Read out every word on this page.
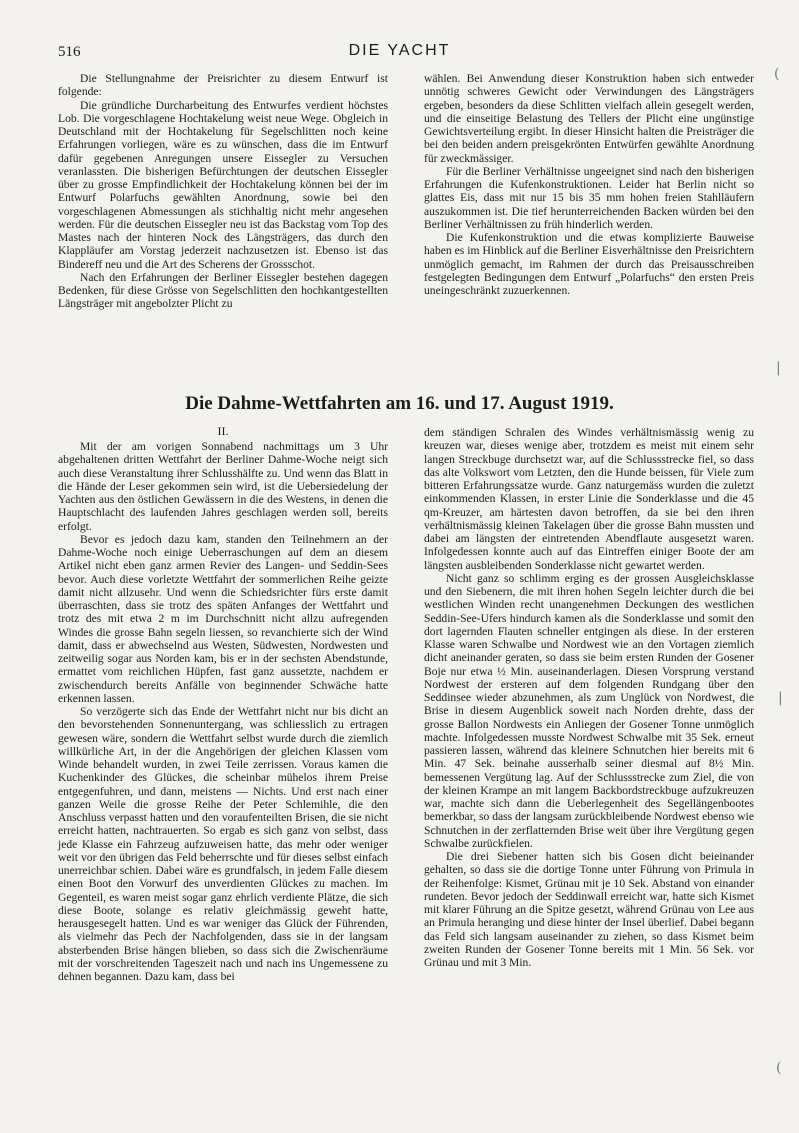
516	DIE YACHT

Die Stellungnahme der Preisrichter zu diesem Entwurf ist folgende:

Die gründliche Durcharbeitung des Entwurfes verdient höchstes Lob. Die vorgeschlagene Hochtakelung weist neue Wege. Obgleich in Deutschland mit der Hochtakelung für Segelschlitten noch keine Erfahrungen vorliegen, wäre es zu wünschen, dass die im Entwurf dafür gegebenen Anregungen unsere Eissegler zu Versuchen veranlassten. Die bisherigen Befürchtungen der deutschen Eissegler über zu grosse Empfindlichkeit der Hochtakelung können bei der im Entwurf Polarfuchs gewählten Anordnung, sowie bei den vorgeschlagenen Abmessungen als stichhaltig nicht mehr angesehen werden. Für die deutschen Eissegler neu ist das Backstag vom Top des Mastes nach der hinteren Nock des Längsträgers, das durch den Klappläufer am Vorstag jederzeit nachzusetzen ist. Ebenso ist das Bindereff neu und die Art des Scherens der Grossschot.

Nach den Erfahrungen der Berliner Eissegler bestehen dagegen Bedenken, für diese Grösse von Segelschlitten den hochkantgestellten Längsträger mit angebolzter Plicht zu

wählen. Bei Anwendung dieser Konstruktion haben sich entweder unnötig schweres Gewicht oder Verwindungen des Längsträgers ergeben, besonders da diese Schlitten vielfach allein gesegelt werden, und die einseitige Belastung des Tellers der Plicht eine ungünstige Gewichtsverteilung ergibt. In dieser Hinsicht halten die Preisträger die bei den beiden andern preisgekrönten Entwürfen gewählte Anordnung für zweckmässiger.

Für die Berliner Verhältnisse ungeeignet sind nach den bisherigen Erfahrungen die Kufenkonstruktionen. Leider hat Berlin nicht so glattes Eis, dass mit nur 15 bis 35 mm hohen freien Stahlläufern auszukommen ist. Die tief herunterreichenden Backen würden bei den Berliner Verhältnissen zu früh hinderlich werden.

Die Kufenkonstruktion und die etwas komplizierte Bauweise haben es im Hinblick auf die Berliner Eisverhältnisse den Preisrichtern unmöglich gemacht, im Rahmen der durch das Preisausschreiben festgelegten Bedingungen dem Entwurf „Polarfuchs“ den ersten Preis uneingeschränkt zuzuerkennen.

Die Dahme-Wettfahrten am 16. und 17. August 1919.
II.

Mit der am vorigen Sonnabend nachmittags um 3 Uhr abgehaltenen dritten Wettfahrt der Berliner Dahme-Woche neigt sich auch diese Veranstaltung ihrer Schlusshälfte zu. Und wenn das Blatt in die Hände der Leser gekommen sein wird, ist die Uebersiedelung der Yachten aus den östlichen Gewässern in die des Westens, in denen die Hauptschlacht des laufenden Jahres geschlagen werden soll, bereits erfolgt.

Bevor es jedoch dazu kam, standen den Teilnehmern an der Dahme-Woche noch einige Ueberraschungen auf dem an diesem Artikel nicht eben ganz armen Revier des Langen- und Seddin-Sees bevor. Auch diese vorletzte Wettfahrt der sommerlichen Reihe geizte damit nicht allzusehr. Und wenn die Schiedsrichter fürs erste damit überraschten, dass sie trotz des späten Anfanges der Wettfahrt und trotz des mit etwa 2 m im Durchschnitt nicht allzu aufregenden Windes die grosse Bahn segeln liessen, so revanchierte sich der Wind damit, dass er abwechselnd aus Westen, Südwesten, Nordwesten und zeitweilig sogar aus Norden kam, bis er in der sechsten Abendstunde, ermattet vom reichlichen Hüpfen, fast ganz aussetzte, nachdem er zwischendurch bereits Anfälle von beginnender Schwäche hatte erkennen lassen.

So verzögerte sich das Ende der Wettfahrt nicht nur bis dicht an den bevorstehenden Sonnenuntergang, was schliesslich zu ertragen gewesen wäre, sondern die Wettfahrt selbst wurde durch die ziemlich willkürliche Art, in der die Angehörigen der gleichen Klassen vom Winde behandelt wurden, in zwei Teile zerrissen. Voraus kamen die Kuchenkinder des Glückes, die scheinbar mühelos ihrem Preise entgegenfuhren, und dann, meistens — Nichts. Und erst nach einer ganzen Weile die grosse Reihe der Peter Schlemihle, die den Anschluss verpasst hatten und den voraufenteilten Brisen, die sie nicht erreicht hatten, nachtrauerten. So ergab es sich ganz von selbst, dass jede Klasse ein Fahrzeug aufzuweisen hatte, das mehr oder weniger weit vor den übrigen das Feld beherrschte und für dieses selbst einfach unerreichbar schien. Dabei wäre es grundfalsch, in jedem Falle diesem einen Boot den Vorwurf des unverdienten Glückes zu machen. Im Gegenteil, es waren meist sogar ganz ehrlich verdiente Plätze, die sich diese Boote, solange es relativ gleichmässig geweht hatte, herausgesegelt hatten. Und es war weniger das Glück der Führenden, als vielmehr das Pech der Nachfolgenden, dass sie in der langsam absterbenden Brise hängen blieben, so dass sich die Zwischenräume mit der vorschreitenden Tageszeit nach und nach ins Ungemessene zu dehnen begannen. Dazu kam, dass bei

dem ständigen Schralen des Windes verhältnismässig wenig zu kreuzen war, dieses wenige aber, trotzdem es meist mit einem sehr langen Streckbuge durchsetzt war, auf die Schlussstrecke fiel, so dass das alte Volkswort vom Letzten, den die Hunde beissen, für Viele zum bitteren Erfahrungssatze wurde. Ganz naturgemäss wurden die zuletzt einkommenden Klassen, in erster Linie die Sonderklasse und die 45 qm-Kreuzer, am härtesten davon betroffen, da sie bei den ihren verhältnismässig kleinen Takelagen über die grosse Bahn mussten und dabei am längsten der eintretenden Abendflaute ausgesetzt waren. Infolgedessen konnte auch auf das Eintreffen einiger Boote der am längsten ausbleibenden Sonderklasse nicht gewartet werden.

Nicht ganz so schlimm erging es der grossen Ausgleichsklasse und den Siebenern, die mit ihren hohen Segeln leichter durch die bei westlichen Winden recht unangenehmen Deckungen des westlichen Seddin-See-Ufers hindurch kamen als die Sonderklasse und somit den dort lagernden Flauten schneller entgingen als diese. In der ersteren Klasse waren Schwalbe und Nordwest wie an den Vortagen ziemlich dicht aneinander geraten, so dass sie beim ersten Runden der Gosener Boje nur etwa ½ Min. auseinanderlagen. Diesen Vorsprung verstand Nordwest der ersteren auf dem folgenden Rundgang über den Seddinsee wieder abzunehmen, als zum Unglück von Nordwest, die Brise in diesem Augenblick soweit nach Norden drehte, dass der grosse Ballon Nordwests ein Anliegen der Gosener Tonne unmöglich machte. Infolgedessen musste Nordwest Schwalbe mit 35 Sek. erneut passieren lassen, während das kleinere Schnutchen hier bereits mit 6 Min. 47 Sek. beinahe ausserhalb seiner diesmal auf 8½ Min. bemessenen Vergütung lag. Auf der Schlussstrecke zum Ziel, die von der kleinen Krampe an mit langem Backbordstreckbuge aufzukreuzen war, machte sich dann die Ueberlegenheit des Segellängenbootes bemerkbar, so dass der langsam zurückbleibende Nordwest ebenso wie Schnutchen in der zerflatternden Brise weit über ihre Vergütung gegen Schwalbe zurückfielen.

Die drei Siebener hatten sich bis Gosen dicht beieinander gehalten, so dass sie die dortige Tonne unter Führung von Primula in der Reihenfolge: Kismet, Grünau mit je 10 Sek. Abstand von einander rundeten. Bevor jedoch der Seddinwall erreicht war, hatte sich Kismet mit klarer Führung an die Spitze gesetzt, während Grünau von Lee aus an Primula heranging und diese hinter der Insel überlief. Dabei begann das Feld sich langsam auseinander zu ziehen, so dass Kismet beim zweiten Runden der Gosener Tonne bereits mit 1 Min. 56 Sek. vor Grünau und mit 3 Min.

(
|
|
(
